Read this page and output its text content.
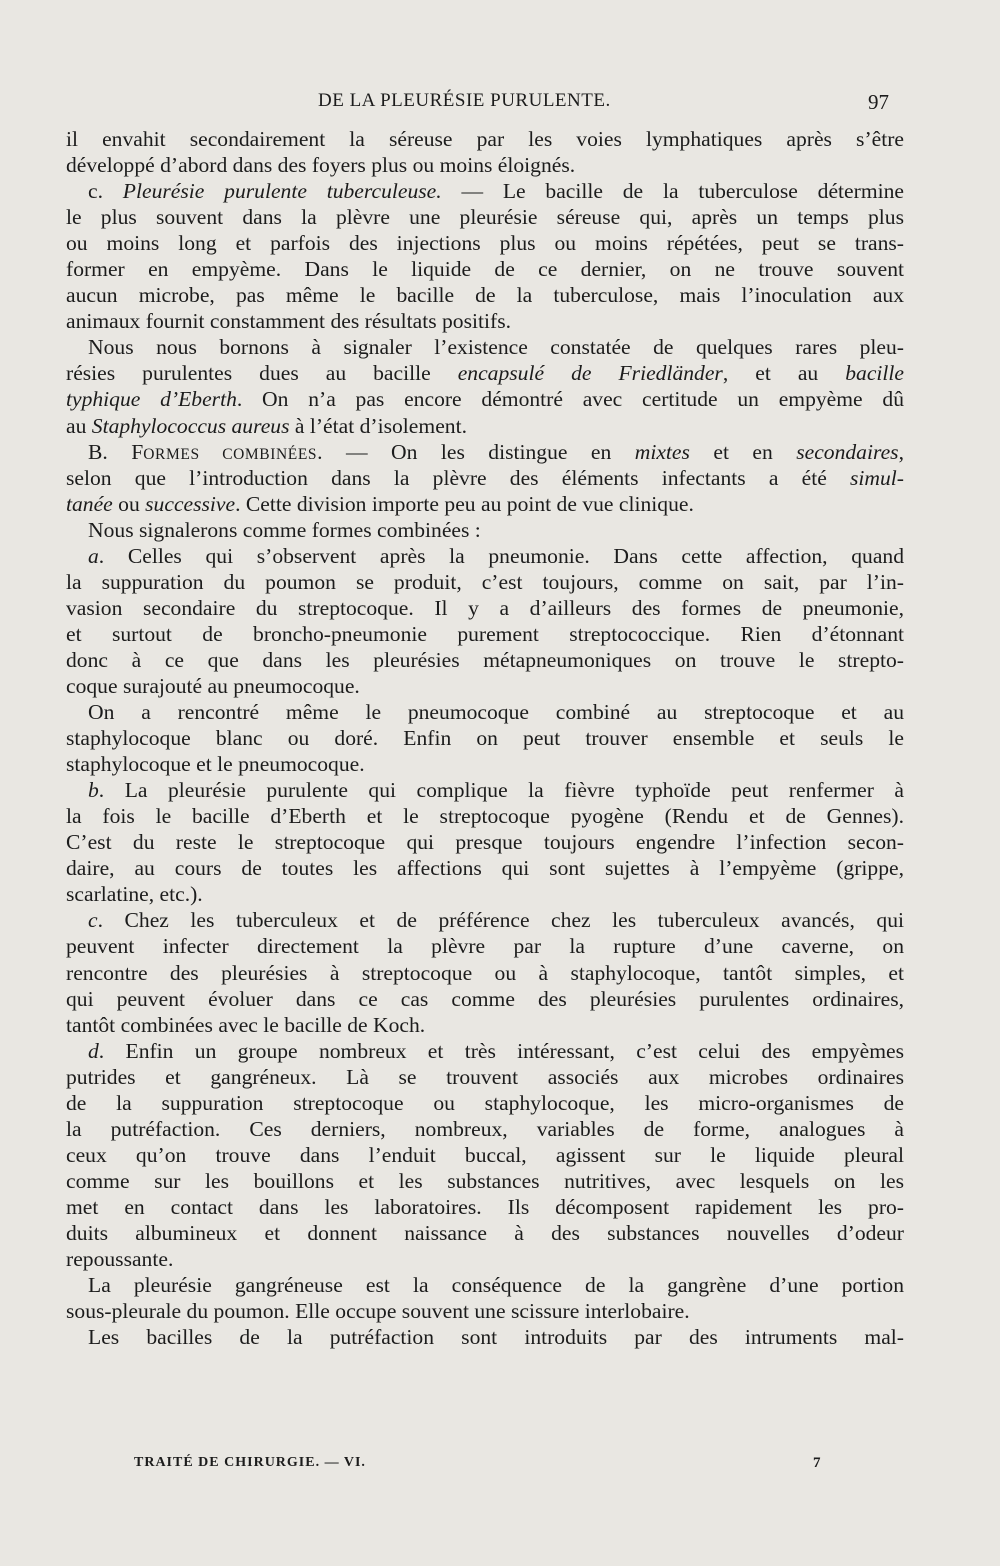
DE LA PLEURÉSIE PURULENTE.	97
il envahit secondairement la séreuse par les voies lymphatiques après s’être
développé d’abord dans des foyers plus ou moins éloignés.
c. Pleurésie purulente tuberculeuse. — Le bacille de la tuberculose détermine
le plus souvent dans la plèvre une pleurésie séreuse qui, après un temps plus
ou moins long et parfois des injections plus ou moins répétées, peut se trans-
former en empyème. Dans le liquide de ce dernier, on ne trouve souvent
aucun microbe, pas même le bacille de la tuberculose, mais l’inoculation aux
animaux fournit constamment des résultats positifs.
Nous nous bornons à signaler l’existence constatée de quelques rares pleu-
résies purulentes dues au bacille encapsulé de Friedländer, et au bacille
typhique d’Eberth. On n’a pas encore démontré avec certitude un empyème dû
au Staphylococcus aureus à l’état d’isolement.
B. FORMES COMBINÉES. — On les distingue en mixtes et en secondaires,
selon que l’introduction dans la plèvre des éléments infectants a été simul-
tanée ou successive. Cette division importe peu au point de vue clinique.
Nous signalerons comme formes combinées :
a. Celles qui s’observent après la pneumonie. Dans cette affection, quand
la suppuration du poumon se produit, c’est toujours, comme on sait, par l’in-
vasion secondaire du streptocoque. Il y a d’ailleurs des formes de pneumonie,
et surtout de broncho-pneumonie purement streptococcique. Rien d’étonnant
donc à ce que dans les pleurésies métapneumoniques on trouve le strepto-
coque surajouté au pneumocoque.
On a rencontré même le pneumocoque combiné au streptocoque et au
staphylocoque blanc ou doré. Enfin on peut trouver ensemble et seuls le
staphylocoque et le pneumocoque.
b. La pleurésie purulente qui complique la fièvre typhoïde peut renfermer à
la fois le bacille d’Eberth et le streptocoque pyogène (Rendu et de Gennes).
C’est du reste le streptocoque qui presque toujours engendre l’infection secon-
daire, au cours de toutes les affections qui sont sujettes à l’empyème (grippe,
scarlatine, etc.).
c. Chez les tuberculeux et de préférence chez les tuberculeux avancés, qui
peuvent infecter directement la plèvre par la rupture d’une caverne, on
rencontre des pleurésies à streptocoque ou à staphylocoque, tantôt simples, et
qui peuvent évoluer dans ce cas comme des pleurésies purulentes ordinaires,
tantôt combinées avec le bacille de Koch.
d. Enfin un groupe nombreux et très intéressant, c’est celui des empyèmes
putrides et gangréneux. Là se trouvent associés aux microbes ordinaires
de la suppuration streptocoque ou staphylocoque, les micro-organismes de
la putréfaction. Ces derniers, nombreux, variables de forme, analogues à
ceux qu’on trouve dans l’enduit buccal, agissent sur le liquide pleural
comme sur les bouillons et les substances nutritives, avec lesquels on les
met en contact dans les laboratoires. Ils décomposent rapidement les pro-
duits albumineux et donnent naissance à des substances nouvelles d’odeur
repoussante.
La pleurésie gangréneuse est la conséquence de la gangrène d’une portion
sous-pleurale du poumon. Elle occupe souvent une scissure interlobaire.
Les bacilles de la putréfaction sont introduits par des intruments mal-
TRAITÉ DE CHIRURGIE. — VI.	7
